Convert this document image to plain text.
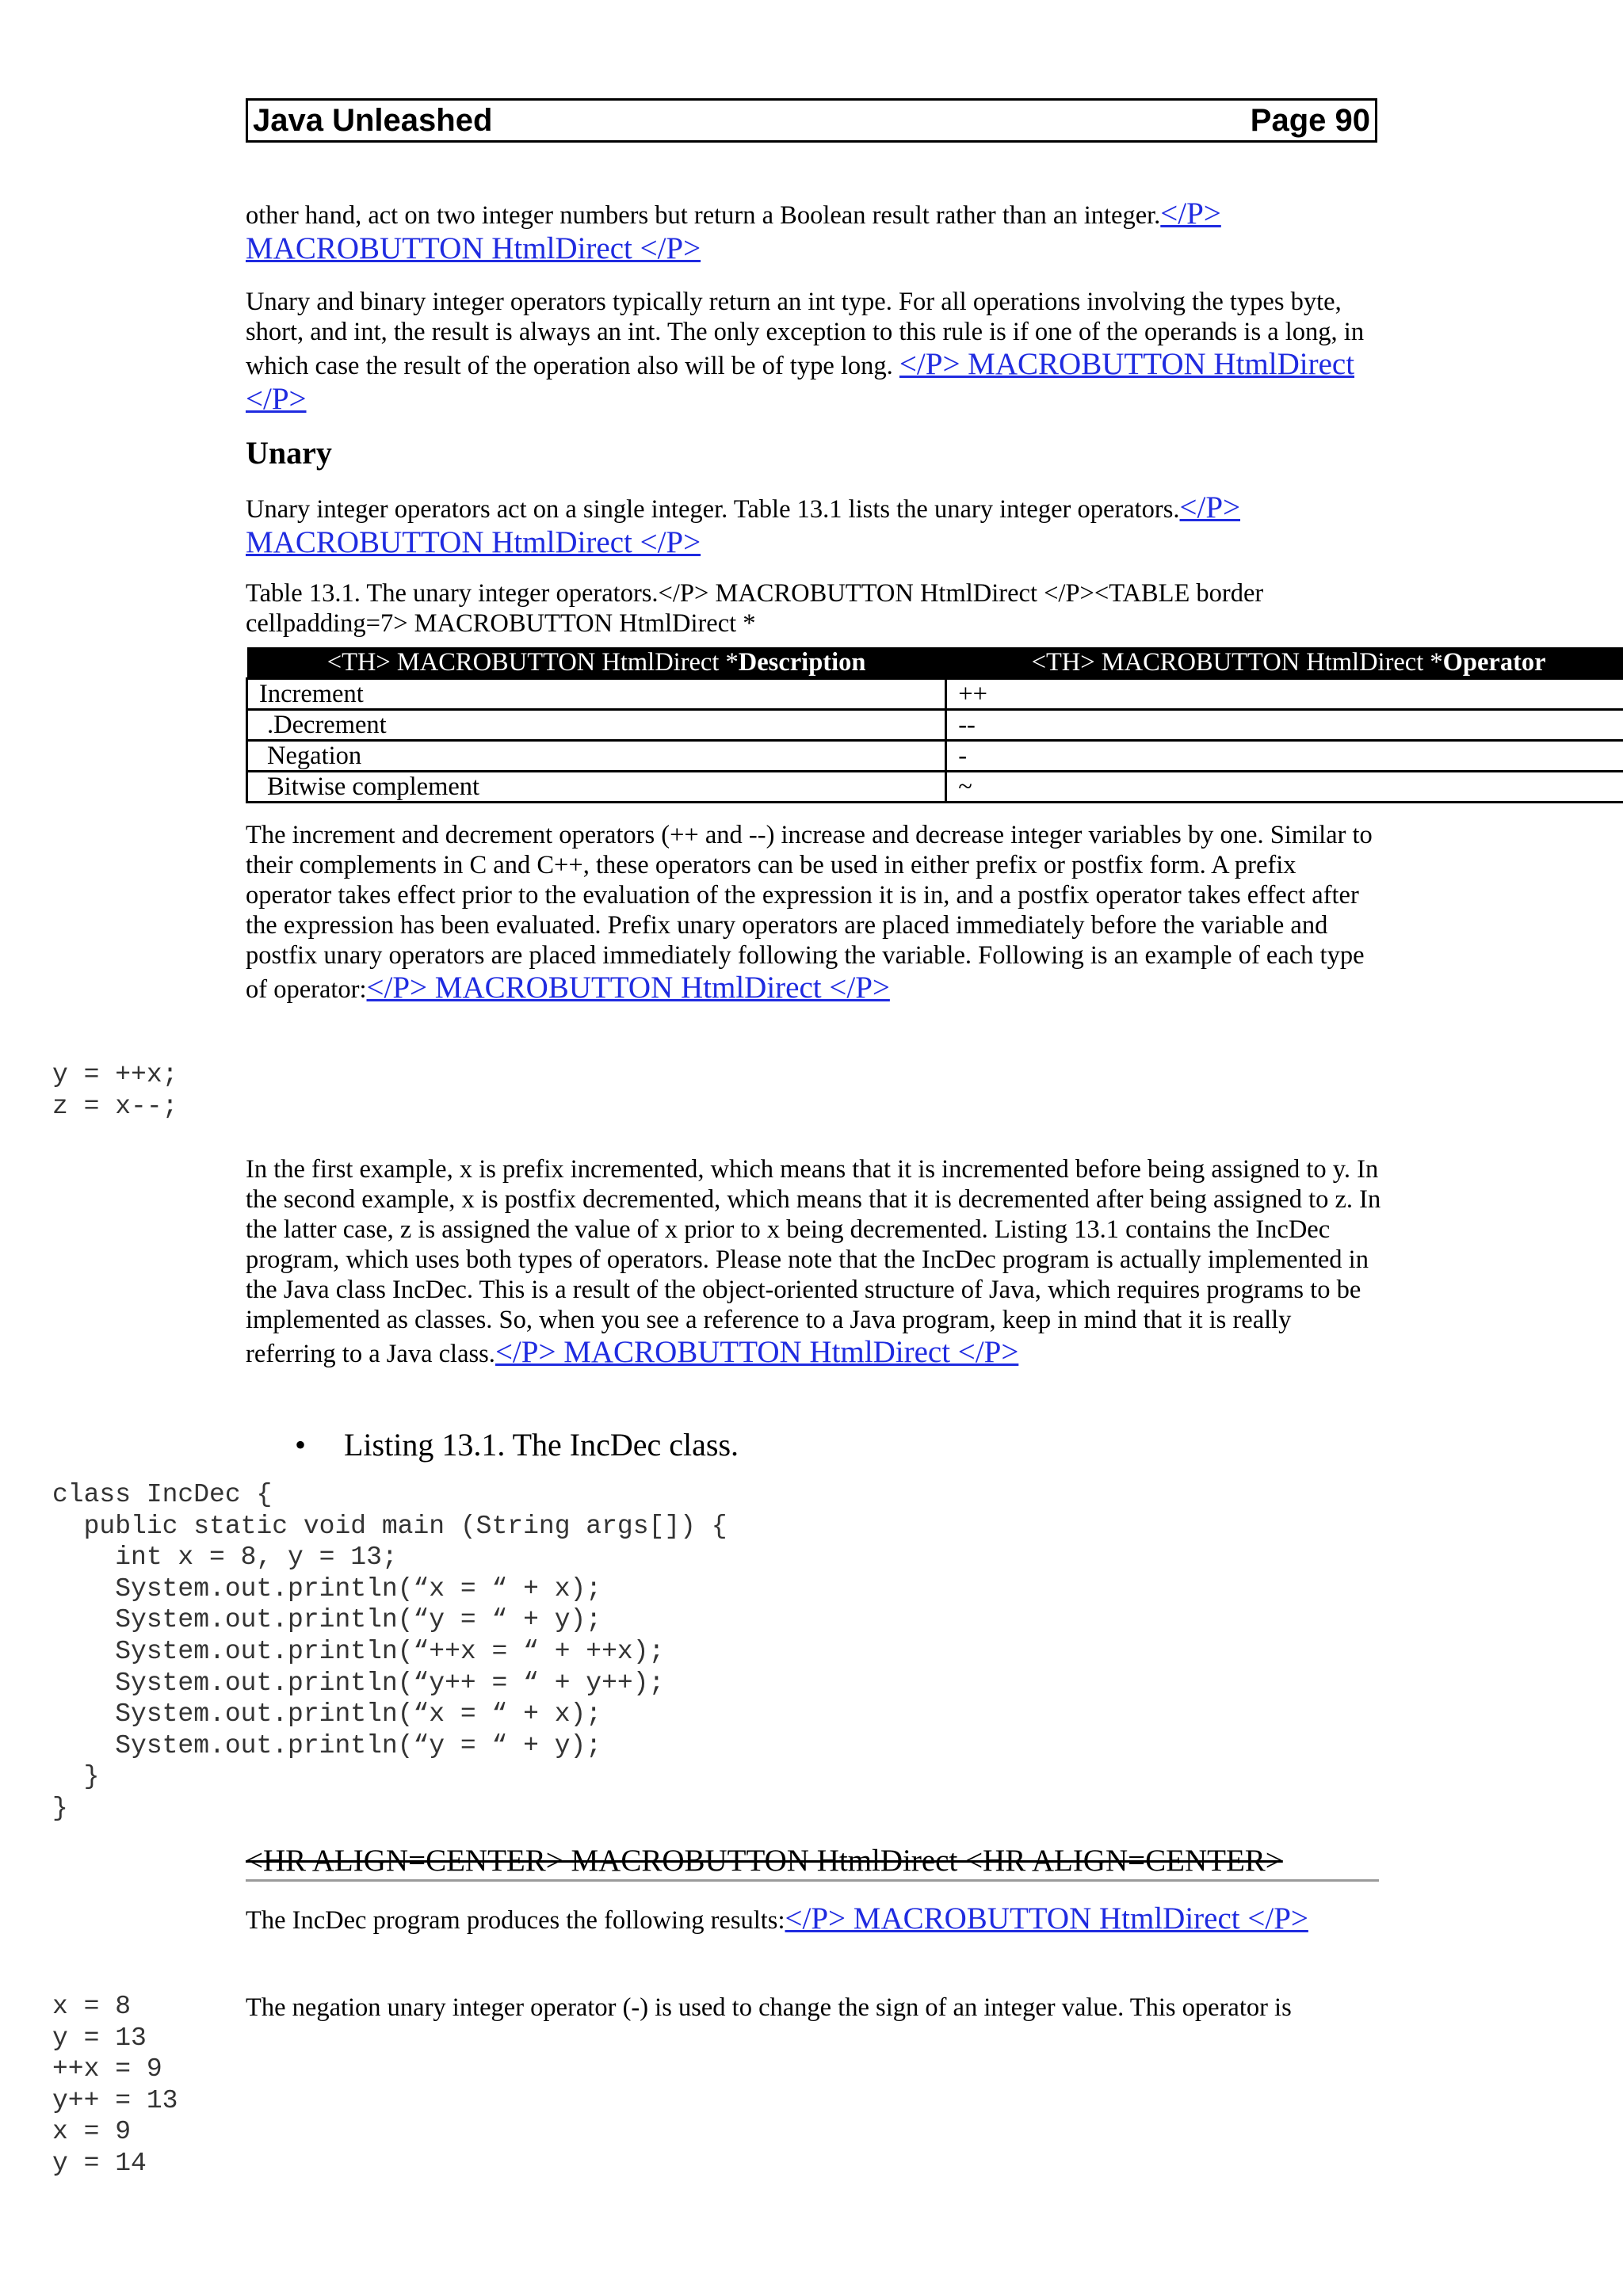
Java Unleashed	Page 90

other hand, act on two integer numbers but return a Boolean result rather than an integer.</P> MACROBUTTON HtmlDirect </P>

Unary and binary integer operators typically return an int type. For all operations involving the types byte, short, and int, the result is always an int. The only exception to this rule is if one of the operands is a long, in which case the result of the operation also will be of type long. </P> MACROBUTTON HtmlDirect </P>

Unary

Unary integer operators act on a single integer. Table 13.1 lists the unary integer operators.</P> MACROBUTTON HtmlDirect </P>

Table 13.1. The unary integer operators.</P> MACROBUTTON HtmlDirect </P><TABLE border cellpadding=7> MACROBUTTON HtmlDirect *
<TH> MACROBUTTON HtmlDirect *Description	<TH> MACROBUTTON HtmlDirect *Operator
Increment	++
.Decrement	--
Negation	-
Bitwise complement	~

The increment and decrement operators (++ and --) increase and decrease integer variables by one. Similar to their complements in C and C++, these operators can be used in either prefix or postfix form. A prefix operator takes effect prior to the evaluation of the expression it is in, and a postfix operator takes effect after the expression has been evaluated. Prefix unary operators are placed immediately before the variable and postfix unary operators are placed immediately following the variable. Following is an example of each type of operator:</P> MACROBUTTON HtmlDirect </P>

y = ++x;
z = x--;

In the first example, x is prefix incremented, which means that it is incremented before being assigned to y. In the second example, x is postfix decremented, which means that it is decremented after being assigned to z. In the latter case, z is assigned the value of x prior to x being decremented. Listing 13.1 contains the IncDec program, which uses both types of operators. Please note that the IncDec program is actually implemented in the Java class IncDec. This is a result of the object-oriented structure of Java, which requires programs to be implemented as classes. So, when you see a reference to a Java program, keep in mind that it is really referring to a Java class.</P> MACROBUTTON HtmlDirect </P>

• Listing 13.1. The IncDec class.
class IncDec {
public static void main (String args[]) {
int x = 8, y = 13;
System.out.println(“x = “ + x);
System.out.println(“y = “ + y);
System.out.println(“++x = “ + ++x);
System.out.println(“y++ = “ + y++);
System.out.println(“x = “ + x);
System.out.println(“y = “ + y);
}
}
<HR ALIGN=CENTER> MACROBUTTON HtmlDirect <HR ALIGN=CENTER>

The IncDec program produces the following results:</P> MACROBUTTON HtmlDirect </P>

x = 8
y = 13
++x = 9
y++ = 13
x = 9
y = 14

The negation unary integer operator (-) is used to change the sign of an integer value. This operator is
